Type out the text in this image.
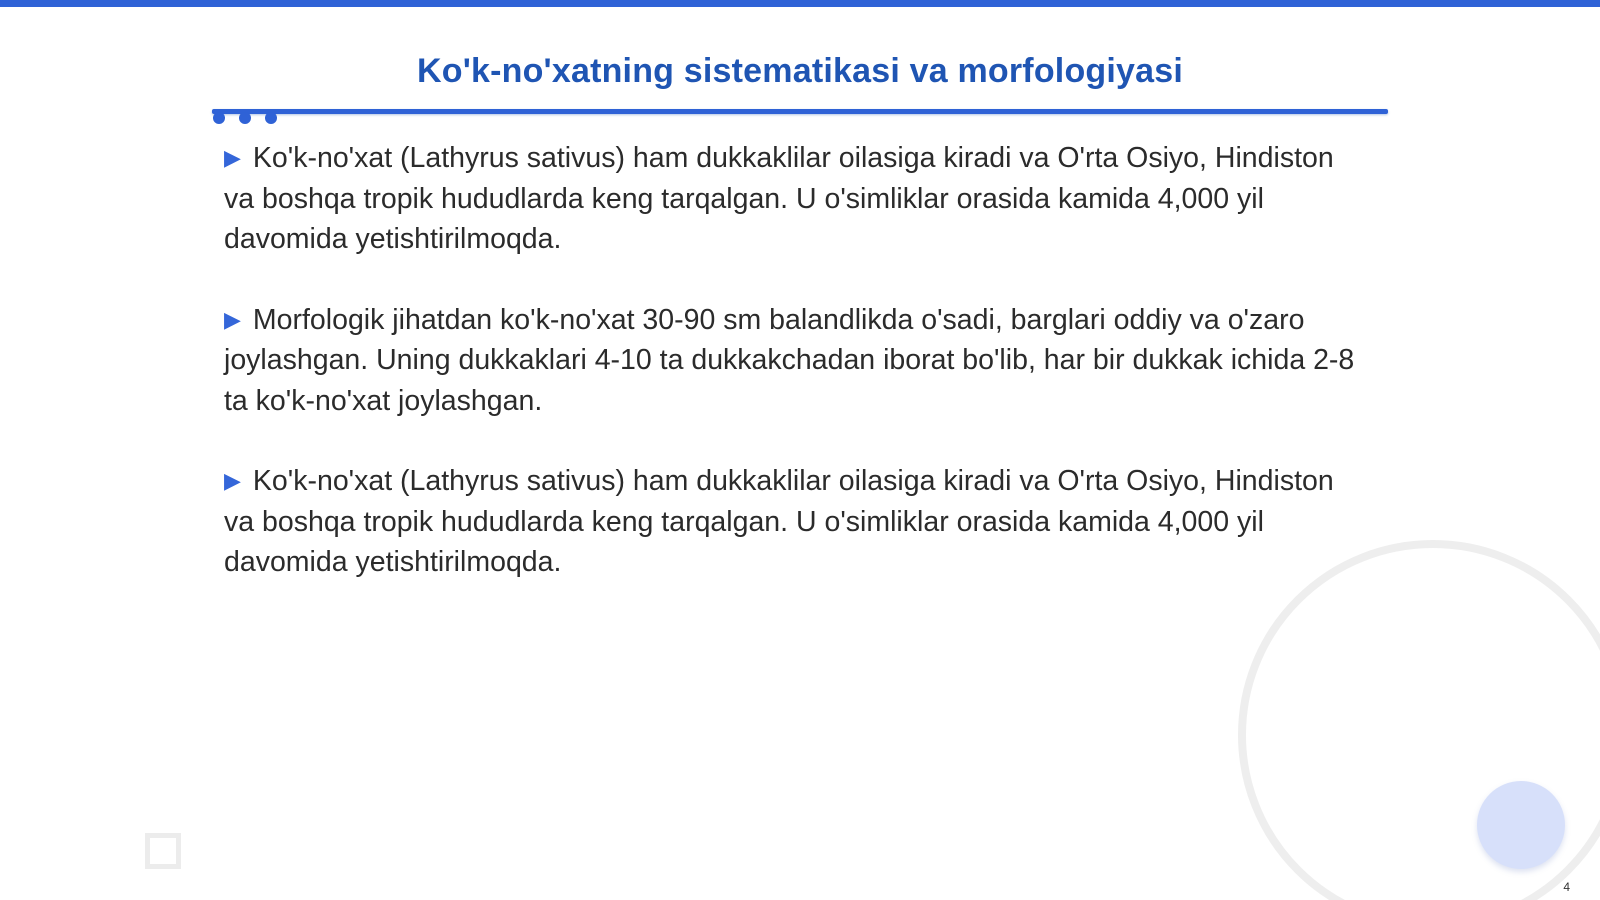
Ko'k-no'xatning sistematikasi va morfologiyasi

▶ Ko'k-no'xat (Lathyrus sativus) ham dukkaklilar oilasiga kiradi va O'rta Osiyo, Hindiston va boshqa tropik hududlarda keng tarqalgan. U o'simliklar orasida kamida 4,000 yil davomida yetishtirilmoqda.

▶ Morfologik jihatdan ko'k-no'xat 30-90 sm balandlikda o'sadi, barglari oddiy va o'zaro joylashgan. Uning dukkaklari 4-10 ta dukkakchadan iborat bo'lib, har bir dukkak ichida 2-8 ta ko'k-no'xat joylashgan.

▶ Ko'k-no'xat (Lathyrus sativus) ham dukkaklilar oilasiga kiradi va O'rta Osiyo, Hindiston va boshqa tropik hududlarda keng tarqalgan. U o'simliklar orasida kamida 4,000 yil davomida yetishtirilmoqda.

4
